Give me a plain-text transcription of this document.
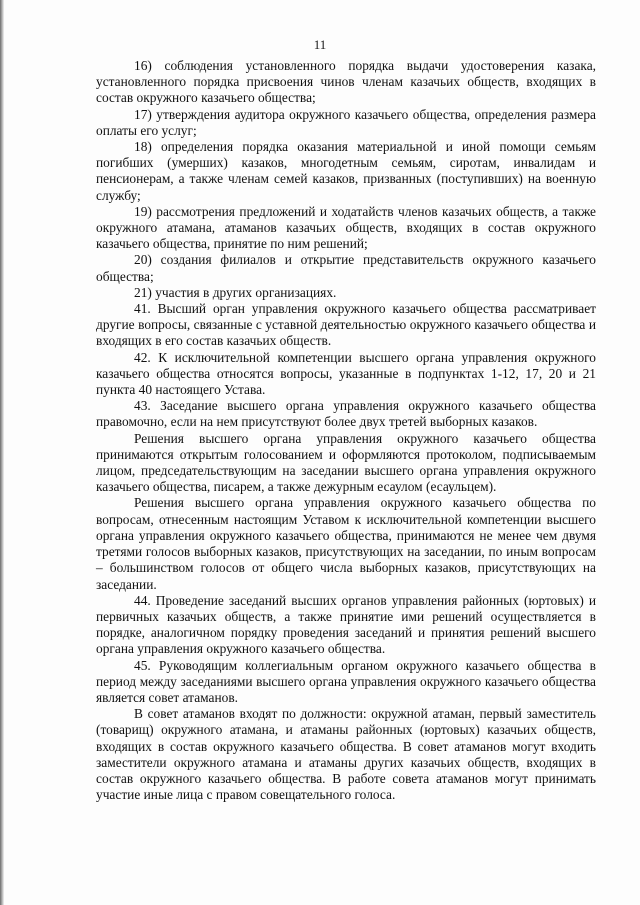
11

16) соблюдения установленного порядка выдачи удостоверения казака, установленного порядка присвоения чинов членам казачьих обществ, входящих в состав окружного казачьего общества;

17) утверждения аудитора окружного казачьего общества, определения размера оплаты его услуг;

18) определения порядка оказания материальной и иной помощи семьям погибших (умерших) казаков, многодетным семьям, сиротам, инвалидам и пенсионерам, а также членам семей казаков, призванных (поступивших) на военную службу;

19) рассмотрения предложений и ходатайств членов казачьих обществ, а также окружного атамана, атаманов казачьих обществ, входящих в состав окружного казачьего общества, принятие по ним решений;

20) создания филиалов и открытие представительств окружного казачьего общества;

21) участия в других организациях.

41. Высший орган управления окружного казачьего общества рассматривает другие вопросы, связанные с уставной деятельностью окружного казачьего общества и входящих в его состав казачьих обществ.

42. К исключительной компетенции высшего органа управления окружного казачьего общества относятся вопросы, указанные в подпунктах 1-12, 17, 20 и 21 пункта 40 настоящего Устава.

43. Заседание высшего органа управления окружного казачьего общества правомочно, если на нем присутствуют более двух третей выборных казаков.

Решения высшего органа управления окружного казачьего общества принимаются открытым голосованием и оформляются протоколом, подписываемым лицом, председательствующим на заседании высшего органа управления окружного казачьего общества, писарем, а также дежурным есаулом (есаульцем).

Решения высшего органа управления окружного казачьего общества по вопросам, отнесенным настоящим Уставом к исключительной компетенции высшего органа управления окружного казачьего общества, принимаются не менее чем двумя третями голосов выборных казаков, присутствующих на заседании, по иным вопросам – большинством голосов от общего числа выборных казаков, присутствующих на заседании.

44. Проведение заседаний высших органов управления районных (юртовых) и первичных казачьих обществ, а также принятие ими решений осуществляется в порядке, аналогичном порядку проведения заседаний и принятия решений высшего органа управления окружного казачьего общества.

45. Руководящим коллегиальным органом окружного казачьего общества в период между заседаниями высшего органа управления окружного казачьего общества является совет атаманов.

В совет атаманов входят по должности: окружной атаман, первый заместитель (товарищ) окружного атамана, и атаманы районных (юртовых) казачьих обществ, входящих в состав окружного казачьего общества. В совет атаманов могут входить заместители окружного атамана и атаманы других казачьих обществ, входящих в состав окружного казачьего общества. В работе совета атаманов могут принимать участие иные лица с правом совещательного голоса.
